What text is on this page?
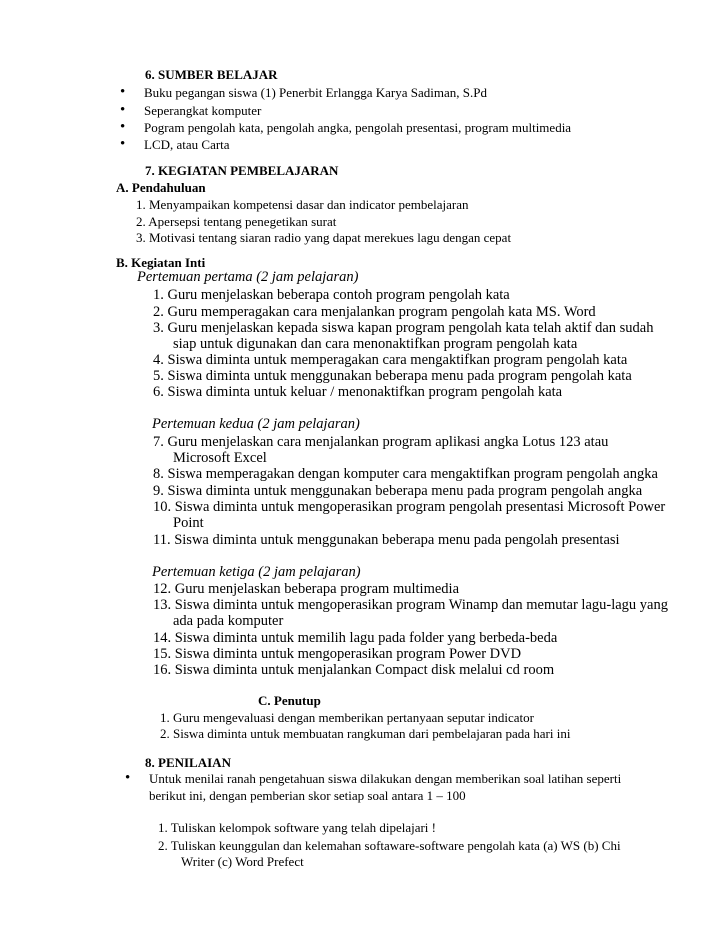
6. SUMBER BELAJAR
• Buku pegangan siswa (1) Penerbit Erlangga Karya Sadiman, S.Pd
• Seperangkat komputer
• Pogram pengolah kata, pengolah angka, pengolah presentasi, program multimedia
• LCD, atau Carta
7. KEGIATAN PEMBELAJARAN
A. Pendahuluan
1. Menyampaikan kompetensi dasar dan indicator pembelajaran
2. Apersepsi tentang penegetikan surat
3. Motivasi tentang siaran radio yang dapat merekues lagu dengan cepat
B. Kegiatan Inti
Pertemuan pertama (2 jam pelajaran)
1. Guru menjelaskan beberapa contoh program pengolah kata
2. Guru memperagakan cara menjalankan program pengolah kata MS. Word
3. Guru menjelaskan kepada siswa kapan program pengolah kata telah aktif dan sudah
siap untuk digunakan dan cara menonaktifkan program pengolah kata
4. Siswa diminta untuk memperagakan cara mengaktifkan program pengolah kata
5. Siswa diminta untuk menggunakan beberapa menu pada program pengolah kata
6. Siswa diminta untuk keluar / menonaktifkan program pengolah kata
Pertemuan kedua (2 jam pelajaran)
7. Guru menjelaskan cara menjalankan program aplikasi angka Lotus 123 atau
Microsoft Excel
8. Siswa memperagakan dengan komputer cara mengaktifkan program pengolah angka
9. Siswa diminta untuk menggunakan beberapa menu pada program pengolah angka
10. Siswa diminta untuk mengoperasikan program pengolah presentasi Microsoft Power
Point
11. Siswa diminta untuk menggunakan beberapa menu pada pengolah presentasi
Pertemuan ketiga (2 jam pelajaran)
12. Guru menjelaskan beberapa program multimedia
13. Siswa diminta untuk mengoperasikan program Winamp dan memutar lagu-lagu yang
ada pada komputer
14. Siswa diminta untuk memilih lagu pada folder yang berbeda-beda
15. Siswa diminta untuk mengoperasikan program Power DVD
16. Siswa diminta untuk menjalankan Compact disk melalui cd room
C. Penutup
1. Guru mengevaluasi dengan memberikan pertanyaan seputar indicator
2. Siswa diminta untuk membuatan rangkuman dari pembelajaran pada hari ini
8. PENILAIAN
• Untuk menilai ranah pengetahuan siswa dilakukan dengan memberikan soal latihan seperti
berikut ini, dengan pemberian skor setiap soal antara 1 – 100
1. Tuliskan kelompok software yang telah dipelajari !
2. Tuliskan keunggulan dan kelemahan softaware-software pengolah kata (a) WS (b) Chi
Writer (c) Word Prefect
